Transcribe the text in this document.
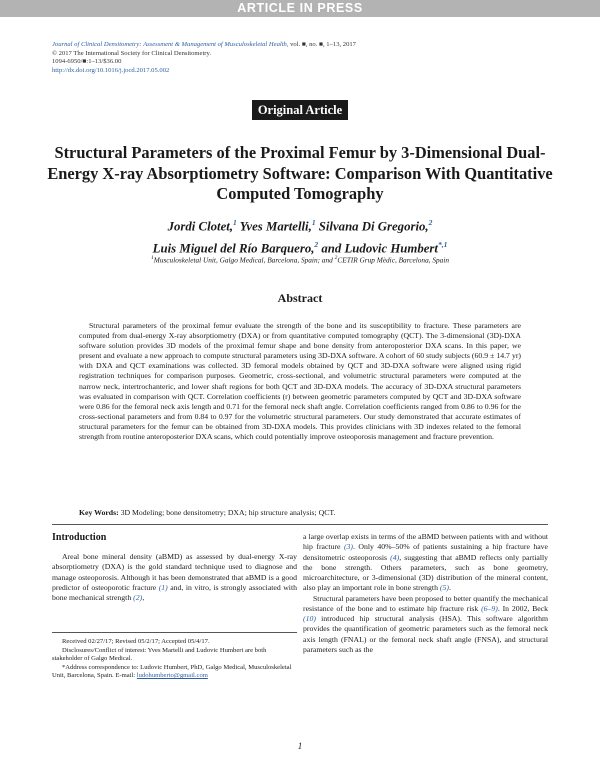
ARTICLE IN PRESS
Journal of Clinical Densitometry: Assessment & Management of Musculoskeletal Health, vol. ■, no. ■, 1–13, 2017
© 2017 The International Society for Clinical Densitometry.
1094-6950/■:1–13/$36.00
http://dx.doi.org/10.1016/j.jocd.2017.05.002
Original Article
Structural Parameters of the Proximal Femur by 3-Dimensional Dual-Energy X-ray Absorptiometry Software: Comparison With Quantitative Computed Tomography
Jordi Clotet,$^1$ Yves Martelli,$^1$ Silvana Di Gregorio,$^2$
Luis Miguel del Río Barquero,$^2$ and Ludovic Humbert$^{*,1}$
$^1$Musculoskeletal Unit, Galgo Medical, Barcelona, Spain; and $^2$CETIR Grup Mèdic, Barcelona, Spain
Abstract
Structural parameters of the proximal femur evaluate the strength of the bone and its susceptibility to fracture. These parameters are computed from dual-energy X-ray absorptiometry (DXA) or from quantitative computed tomography (QCT). The 3-dimensional (3D)-DXA software solution provides 3D models of the proximal femur shape and bone density from anteroposterior DXA scans. In this paper, we present and evaluate a new approach to compute structural parameters using 3D-DXA software. A cohort of 60 study subjects (60.9 ± 14.7 yr) with DXA and QCT examinations was collected. 3D femoral models obtained by QCT and 3D-DXA software were aligned using rigid registration techniques for comparison purposes. Geometric, cross-sectional, and volumetric structural parameters were computed at the narrow neck, intertrochanteric, and lower shaft regions for both QCT and 3D-DXA models. The accuracy of 3D-DXA structural parameters was evaluated in comparison with QCT. Correlation coefficients (r) between geometric parameters computed by QCT and 3D-DXA software were 0.86 for the femoral neck axis length and 0.71 for the femoral neck shaft angle. Correlation coefficients ranged from 0.86 to 0.96 for the cross-sectional parameters and from 0.84 to 0.97 for the volumetric structural parameters. Our study demonstrated that accurate estimates of structural parameters for the femur can be obtained from 3D-DXA models. This provides clinicians with 3D indexes related to the femoral strength from routine anteroposterior DXA scans, which could potentially improve osteoporosis management and fracture prevention.
Key Words: 3D Modeling; bone densitometry; DXA; hip structure analysis; QCT.
Introduction

Areal bone mineral density (aBMD) as assessed by dual-energy X-ray absorptiometry (DXA) is the gold standard technique used to diagnose and manage osteoporosis. Although it has been demonstrated that aBMD is a good predictor of osteoporotic fracture (1) and, in vitro, is strongly associated with bone mechanical strength (2),

Received 02/27/17; Revised 05/2/17; Accepted 05/4/17.

Disclosures/Conflict of interest: Yves Martelli and Ludovic Humbert are both stakeholder of Galgo Medical.

*Address correspondence to: Ludovic Humbert, PhD, Galgo Medical, Musculoskeletal Unit, Barcelona, Spain. E-mail: ludohumberto@gmail.com

a large overlap exists in terms of the aBMD between patients with and without hip fracture (3). Only 40%–50% of patients sustaining a hip fracture have densitometric osteoporosis (4), suggesting that aBMD reflects only partially the bone strength. Others parameters, such as bone geometry, microarchitecture, or 3-dimensional (3D) distribution of the mineral content, also play an important role in bone strength (5).

Structural parameters have been proposed to better quantify the mechanical resistance of the bone and to estimate hip fracture risk (6–9). In 2002, Beck (10) introduced hip structural analysis (HSA). This software algorithm provides the quantification of geometric parameters such as the femoral neck axis length (FNAL) or the femoral neck shaft angle (FNSA), and structural parameters such as the

1
